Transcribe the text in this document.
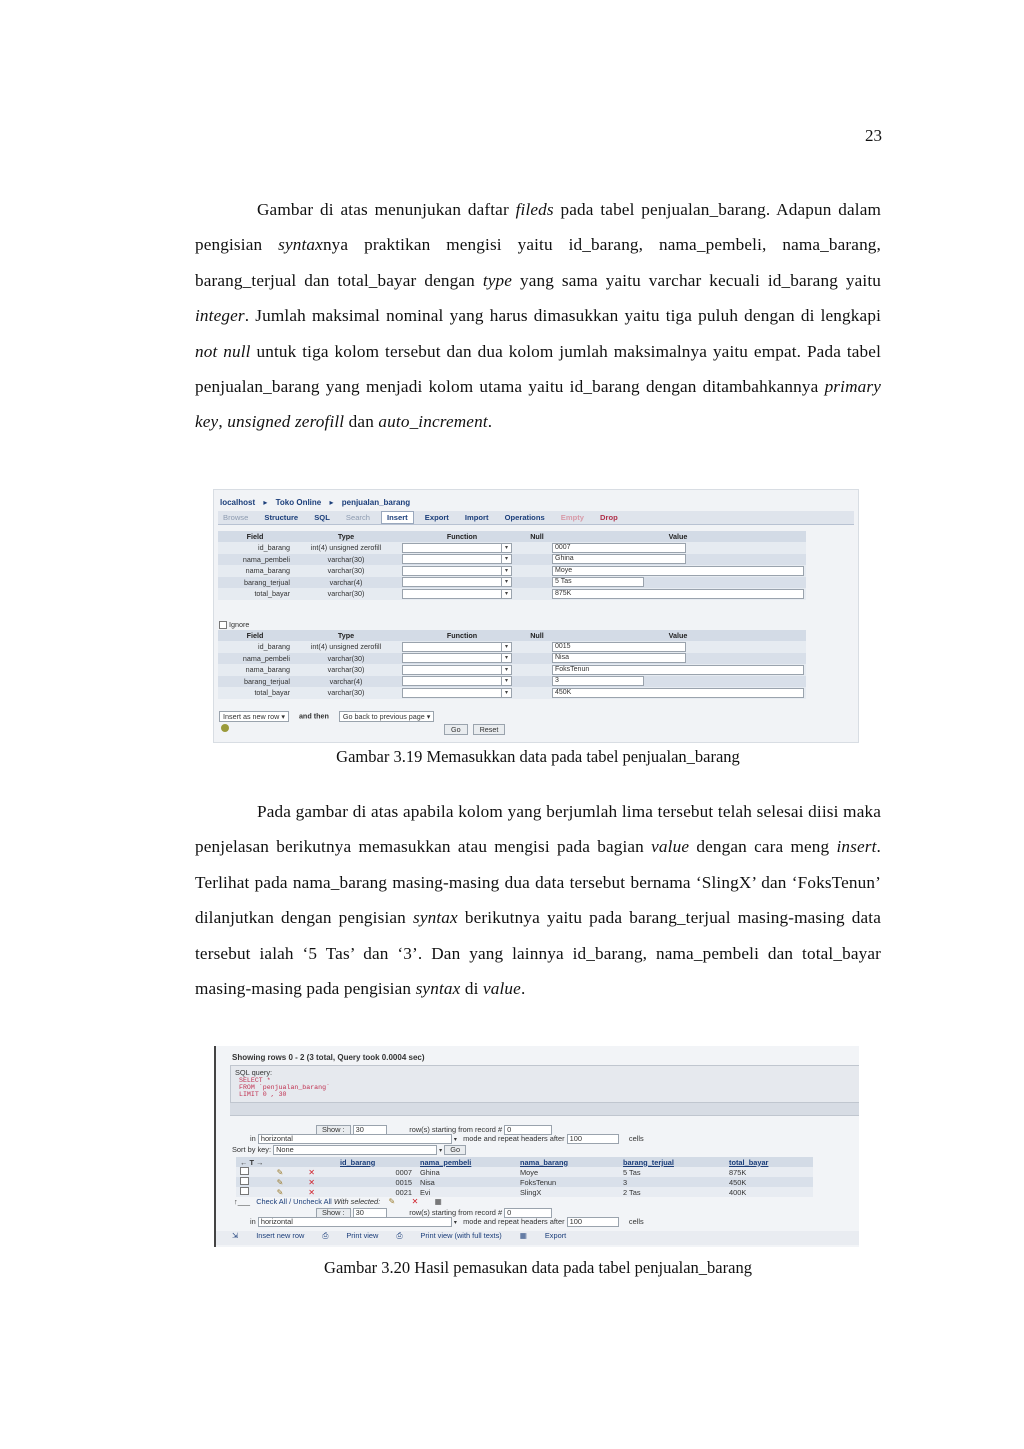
23

Gambar di atas menunjukan daftar fileds pada tabel penjualan_barang. Adapun dalam pengisian syntaxnya praktikan mengisi yaitu id_barang, nama_pembeli, nama_barang, barang_terjual dan total_bayar dengan type yang sama yaitu varchar kecuali id_barang yaitu integer. Jumlah maksimal nominal yang harus dimasukkan yaitu tiga puluh dengan di lengkapi not null untuk tiga kolom tersebut dan dua kolom jumlah maksimalnya yaitu empat. Pada tabel penjualan_barang yang menjadi kolom utama yaitu id_barang dengan ditambahkannya primary key, unsigned zerofill dan auto_increment.

localhost ▸ Toko Online ▸ penjualan_barang
Browse Structure SQL Search Insert Export Import Operations Empty Drop
Field	Type	Function	Null	Value
id_barang	int(4) unsigned zerofill	▾		0007
nama_pembeli	varchar(30)	▾		Ghina
nama_barang	varchar(30)	▾		Moye
barang_terjual	varchar(4)	▾		5 Tas
total_bayar	varchar(30)	▾		875K
Ignore
Field	Type	Function	Null	Value
id_barang	int(4) unsigned zerofill	▾		0015
nama_pembeli	varchar(30)	▾		Nisa
nama_barang	varchar(30)	▾		FoksTenun
barang_terjual	varchar(4)	▾		3
total_bayar	varchar(30)	▾		450K
Insert as new row ▾ and then Go back to previous page ▾
Go	Reset
Gambar 3.19 Memasukkan data pada tabel penjualan_barang

Pada gambar di atas apabila kolom yang berjumlah lima tersebut telah selesai diisi maka penjelasan berikutnya memasukkan atau mengisi pada bagian value dengan cara meng insert. Terlihat pada nama_barang masing-masing dua data tersebut bernama ‘SlingX’ dan ‘FoksTenun’ dilanjutkan dengan pengisian syntax berikutnya yaitu pada barang_terjual masing-masing data tersebut ialah ‘5 Tas’ dan ‘3’. Dan yang lainnya id_barang, nama_pembeli dan total_bayar masing-masing pada pengisian syntax di value.

Showing rows 0 - 2 (3 total, Query took 0.0004 sec)
SQL query:
SELECT *
FROM `penjualan_barang`
LIMIT 0 , 30
Show : 30	row(s) starting from record # 0
in horizontal	▾ mode and repeat headers after 100	cells
Sort by key: None	▾ Go
← T →			id_barang	nama_pembeli	nama_barang	barang_terjual	total_bayar
	✎	✕	0007	Ghina	Moye	5 Tas	875K
	✎	✕	0015	Nisa	FoksTenun	3	450K
	✎	✕	0021	Evi	SlingX	2 Tas	400K
↑___ Check All / Uncheck All With selected: ✎ ✕ ▦
Show : 30	row(s) starting from record # 0
in horizontal	▾ mode and repeat headers after 100	cells
⇲ Insert new row ⎙ Print view ⎙ Print view (with full texts) ▦ Export
Gambar 3.20 Hasil pemasukan data pada tabel penjualan_barang
